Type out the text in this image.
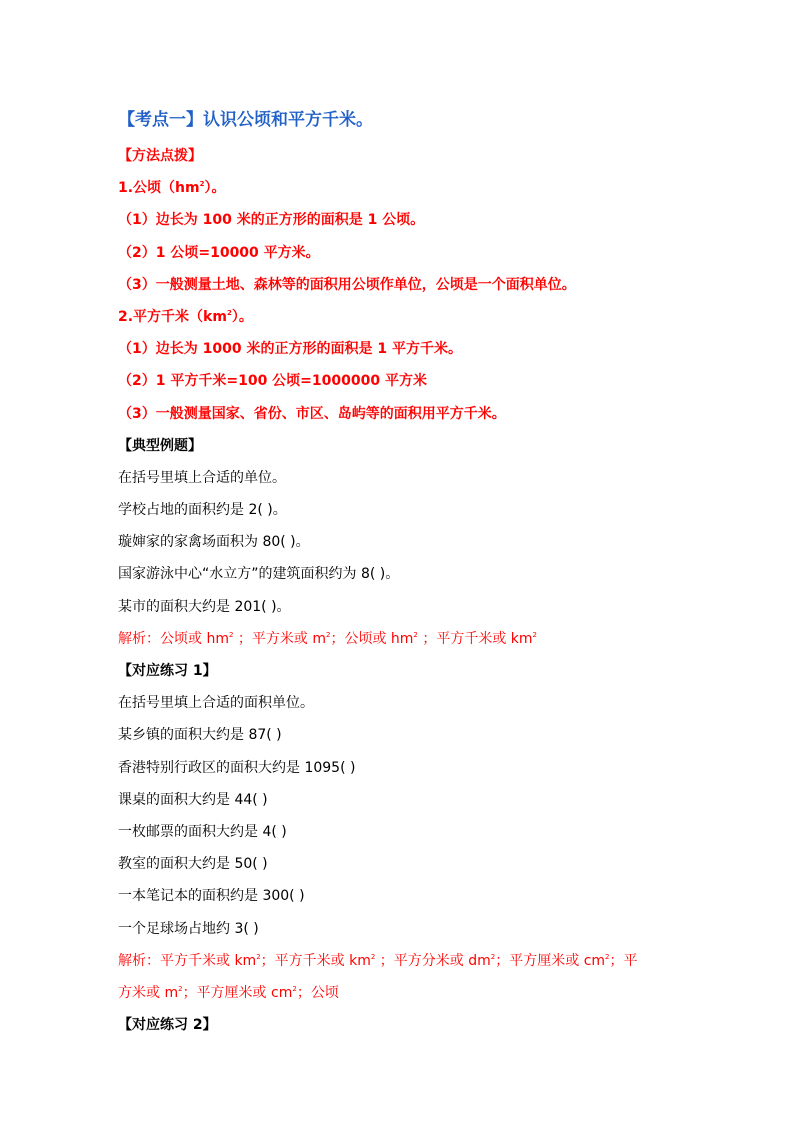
【考点一】认识公顷和平方千米。
【方法点拨】
1.公顷$(hm^2)$。
（1）边长为 100 米的正方形的面积是 1 公顷。
（2）1 公顷=10000 平方米。
（3）一般测量土地、森林等的面积用公顷作单位，公顷是一个面积单位。
2.平方千米$(km^2)$。
（1）边长为 1000 米的正方形的面积是 1 平方千米。
（2）1 平方千米=100 公顷=1000000 平方米
（3）一般测量国家、省份、市区、岛屿等的面积用平方千米。
【典型例题】
在括号里填上合适的单位。
学校占地的面积约是 2( )。
璇婶家的家禽场面积为 80( )。
国家游泳中心“水立方”的建筑面积约为 8( )。
某市的面积大约是 201( )。
解析：公顷或 $hm^2$ ；平方米或 $m^2$；公顷或 $hm^2$ ；平方千米或 $km^2$
【对应练习 1】
在括号里填上合适的面积单位。
某乡镇的面积大约是 87( )
香港特别行政区的面积大约是 1095( )
课桌的面积大约是 44( )
一枚邮票的面积大约是 4( )
教室的面积大约是 50( )
一本笔记本的面积约是 300( )
一个足球场占地约 3( )
解析：平方千米或 $km^2$；平方千米或 $km^2$ ；平方分米或 $dm^2$；平方厘米或 $cm^2$；平
方米或 $m^2$；平方厘米或 $cm^2$；公顷
【对应练习 2】
